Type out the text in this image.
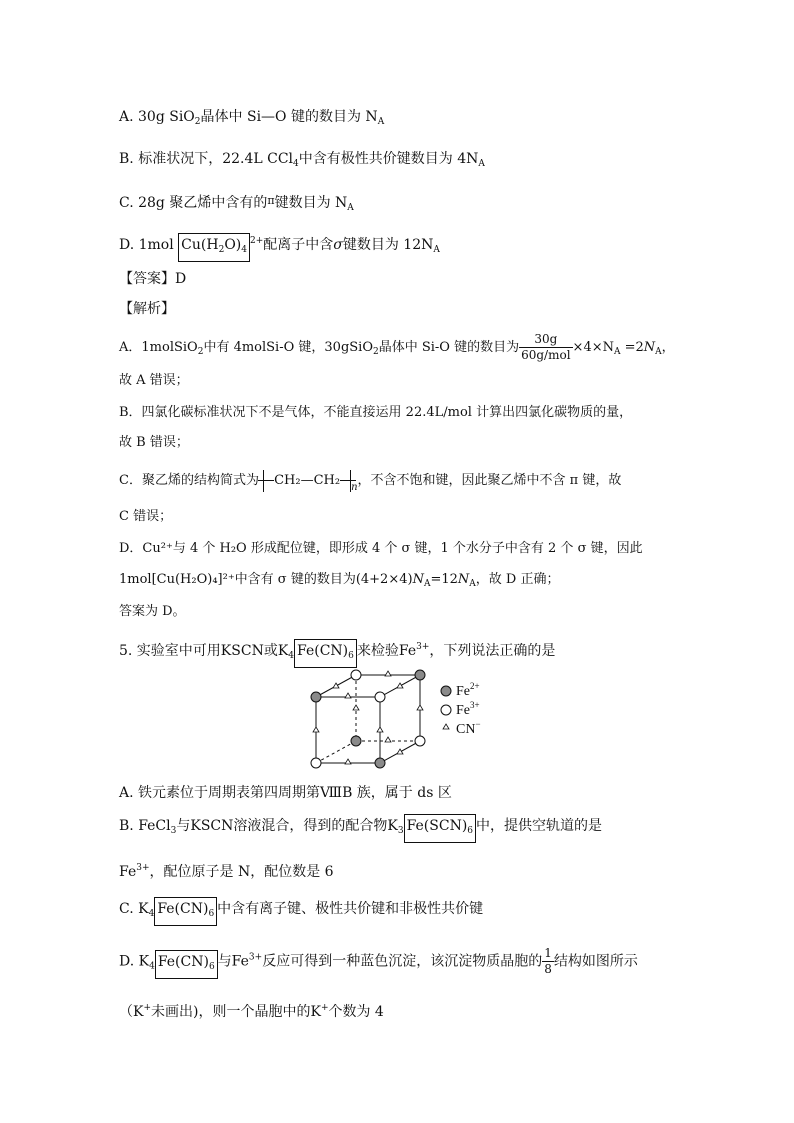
A. 30g SiO$_2$晶体中 Si—O 键的数目为 $N_A$
B. 标准状况下，22.4L CCl$_4$中含有极性共价键数目为 $4N_A$
C. 28g 聚乙烯中含有的$^\pi$键数目为 $N_A$
D. 1mol $Cu(H_2O)_4^{2+}$配离子中含σ键数目为 $12N_A$
【答案】D
【解析】
A．1molSiO$_2$中有 4molSi-O 键，30gSiO$_2$晶体中 Si-O 键的数目为 $\frac{30g}{\text{60g/mol}} \times 4\times N_A =2N_A$，
故 A 错误；
B．四氯化碳标准状况下不是气体，不能直接运用 22.4L/mol 计算出四氯化碳物质的量，
故 B 错误；
C．聚乙烯的结构简式为 CH₂—CH₂ $_n$，不含不饱和键，因此聚乙烯中不含 π 键，故
C 错误；
D．Cu²⁺与 4 个 H₂O 形成配位键，即形成 4 个 σ 键，1 个水分子中含有 2 个 σ 键，因此
1mol[Cu(H₂O)₄]²⁺中含有 σ 键的数目为$(4+2\times 4)N_A=12N_A$，故 D 正确；
答案为 D。
5. 实验室中可用KSCN或$K_4$ $Fe(CN)_6$ 来检验$Fe^{3+}$，下列说法正确的是
$Fe^{2+}$
$Fe^{3+}$
CN−
A. 铁元素位于周期表第四周期第ⅧB 族，属于 ds 区
B. FeCl$_3$与KSCN溶液混合，得到的配合物$K_3$ $Fe(SCN)_6$ 中，提供空轨道的是
$Fe^{3+}$，配位原子是 N，配位数是 6
C. $K_4$ $Fe(CN)_6$ 中含有离子键、极性共价键和非极性共价键
D. $K_4$ $Fe(CN)_6$ 与$Fe^{3+}$反应可得到一种蓝色沉淀，该沉淀物质晶胞的 $\frac{1}{8}$ 结构如图所示
（K+未画出)，则一个晶胞中的K+个数为 4
